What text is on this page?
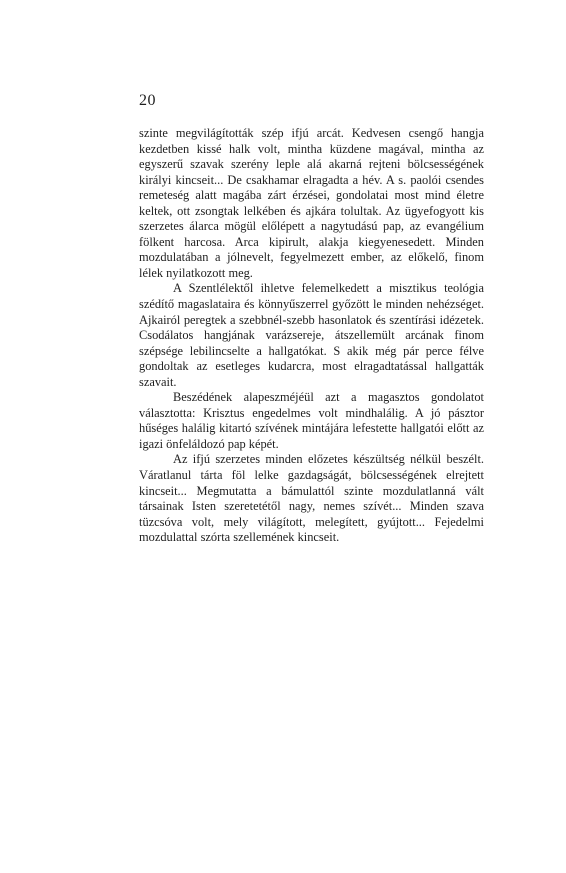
20

szinte megvilágították szép ifjú arcát. Kedvesen csengő hangja kezdetben kissé halk volt, mintha küzdene magával, mintha az egyszerű szavak szerény leple alá akarná rejteni bölcsességének királyi kincseit... De csakhamar elragadta a hév. A s. paolói csendes remeteség alatt magába zárt érzései, gondolatai most mind életre keltek, ott zsongtak lelkében és ajkára tolultak. Az ügyefogyott kis szerzetes álarca mögül előlépett a nagytudású pap, az evangélium fölkent harcosa. Arca kipirult, alakja kiegyenesedett. Minden mozdulatában a jólnevelt, fegyelmezett ember, az előkelő, finom lélek nyilatkozott meg.

A Szentlélektől ihletve felemelkedett a misztikus teológia szédítő magaslataira és könnyűszerrel győzött le minden nehézséget. Ajkairól peregtek a szebbnél-szebb hasonlatok és szentírási idézetek. Csodálatos hangjának varázsereje, átszellemült arcának finom szépsége lebilincselte a hallgatókat. S akik még pár perce félve gondoltak az esetleges kudarcra, most elragadtatással hallgatták szavait.

Beszédének alapeszméjéül azt a magasztos gondolatot választotta: Krisztus engedelmes volt mindhalálig. A jó pásztor hűséges halálig kitartó szívének mintájára lefestette hallgatói előtt az igazi önfeláldozó pap képét.

Az ifjú szerzetes minden előzetes készültség nélkül beszélt. Váratlanul tárta föl lelke gazdagságát, bölcsességének elrejtett kincseit... Megmutatta a bámulattól szinte mozdulatlanná vált társainak Isten szeretetétől nagy, nemes szívét... Minden szava tüzcsóva volt, mely világított, melegített, gyújtott... Fejedelmi mozdulattal szórta szellemének kincseit.
